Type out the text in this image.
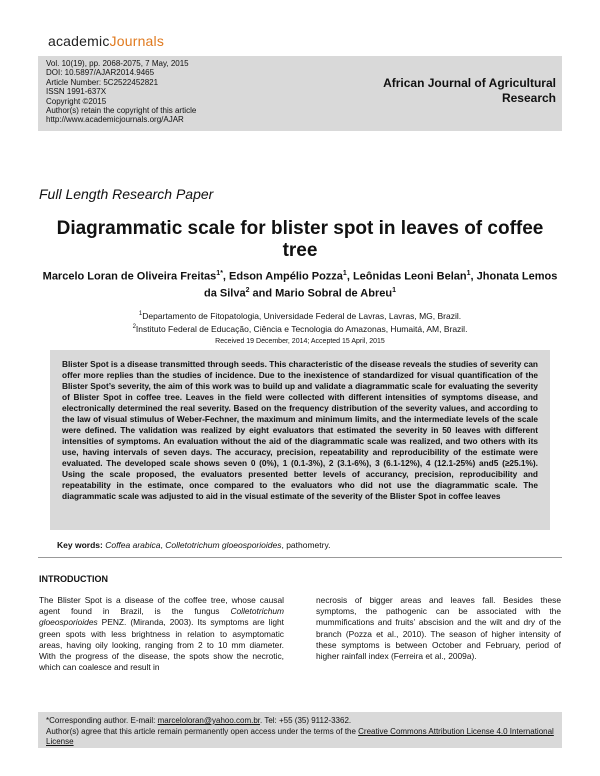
academicJournals
Vol. 10(19), pp. 2068-2075, 7 May, 2015
DOI: 10.5897/AJAR2014.9465
Article Number: 5C2522452821
ISSN 1991-637X
Copyright ©2015
Author(s) retain the copyright of this article
http://www.academicjournals.org/AJAR
African Journal of Agricultural Research
Full Length Research Paper
Diagrammatic scale for blister spot in leaves of coffee tree
Marcelo Loran de Oliveira Freitas$^{1*}$, Edson Ampélio Pozza$^1$, Leônidas Leoni Belan$^1$, Jhonata Lemos da Silva$^2$ and Mario Sobral de Abreu$^1$
$^1$Departamento de Fitopatologia, Universidade Federal de Lavras, Lavras, MG, Brazil.
$^2$Instituto Federal de Educação, Ciência e Tecnologia do Amazonas, Humaitá, AM, Brazil.
Received 19 December, 2014; Accepted 15 April, 2015
Blister Spot is a disease transmitted through seeds. This characteristic of the disease reveals the studies of severity can offer more replies than the studies of incidence. Due to the inexistence of standardized for visual quantification of the Blister Spot’s severity, the aim of this work was to build up and validate a diagrammatic scale for evaluating the severity of Blister Spot in coffee tree. Leaves in the field were collected with different intensities of symptoms disease, and electronically determined the real severity. Based on the frequency distribution of the severity values, and according to the law of visual stimulus of Weber-Fechner, the maximum and minimum limits, and the intermediate levels of the scale were defined. The validation was realized by eight evaluators that estimated the severity in 50 leaves with different intensities of symptoms. An evaluation without the aid of the diagrammatic scale was realized, and two others with its use, having intervals of seven days. The accuracy, precision, repeatability and reproducibility of the estimate were evaluated. The developed scale shows seven 0 (0%), 1 (0.1-3%), 2 (3.1-6%), 3 (6.1-12%), 4 (12.1-25%) and5 (≥25.1%). Using the scale proposed, the evaluators presented better levels of accurancy, precision, reproducibility and repeatability in the estimate, once compared to the evaluators who did not use the diagrammatic scale. The diagrammatic scale was adjusted to aid in the visual estimate of the severity of the Blister Spot in coffee leaves
Key words: Coffea arabica, Colletotrichum gloeosporioides, pathometry.
INTRODUCTION
The Blister Spot is a disease of the coffee tree, whose causal agent found in Brazil, is the fungus Colletotrichum gloeosporioides PENZ. (Miranda, 2003). Its symptoms are light green spots with less brightness in relation to asymptomatic areas, having oily looking, ranging from 2 to 10 mm diameter. With the progress of the disease, the spots show the necrotic, which can coalesce and result in
necrosis of bigger areas and leaves fall. Besides these symptoms, the pathogenic can be associated with the mummifications and fruits’ abscision and the wilt and dry of the branch (Pozza et al., 2010). The season of higher intensity of these symptoms is between October and February, period of higher rainfall index (Ferreira et al., 2009a).
*Corresponding author. E-mail: marceloloran@yahoo.com.br. Tel: +55 (35) 9112-3362.
Author(s) agree that this article remain permanently open access under the terms of the Creative Commons Attribution License 4.0 International License
